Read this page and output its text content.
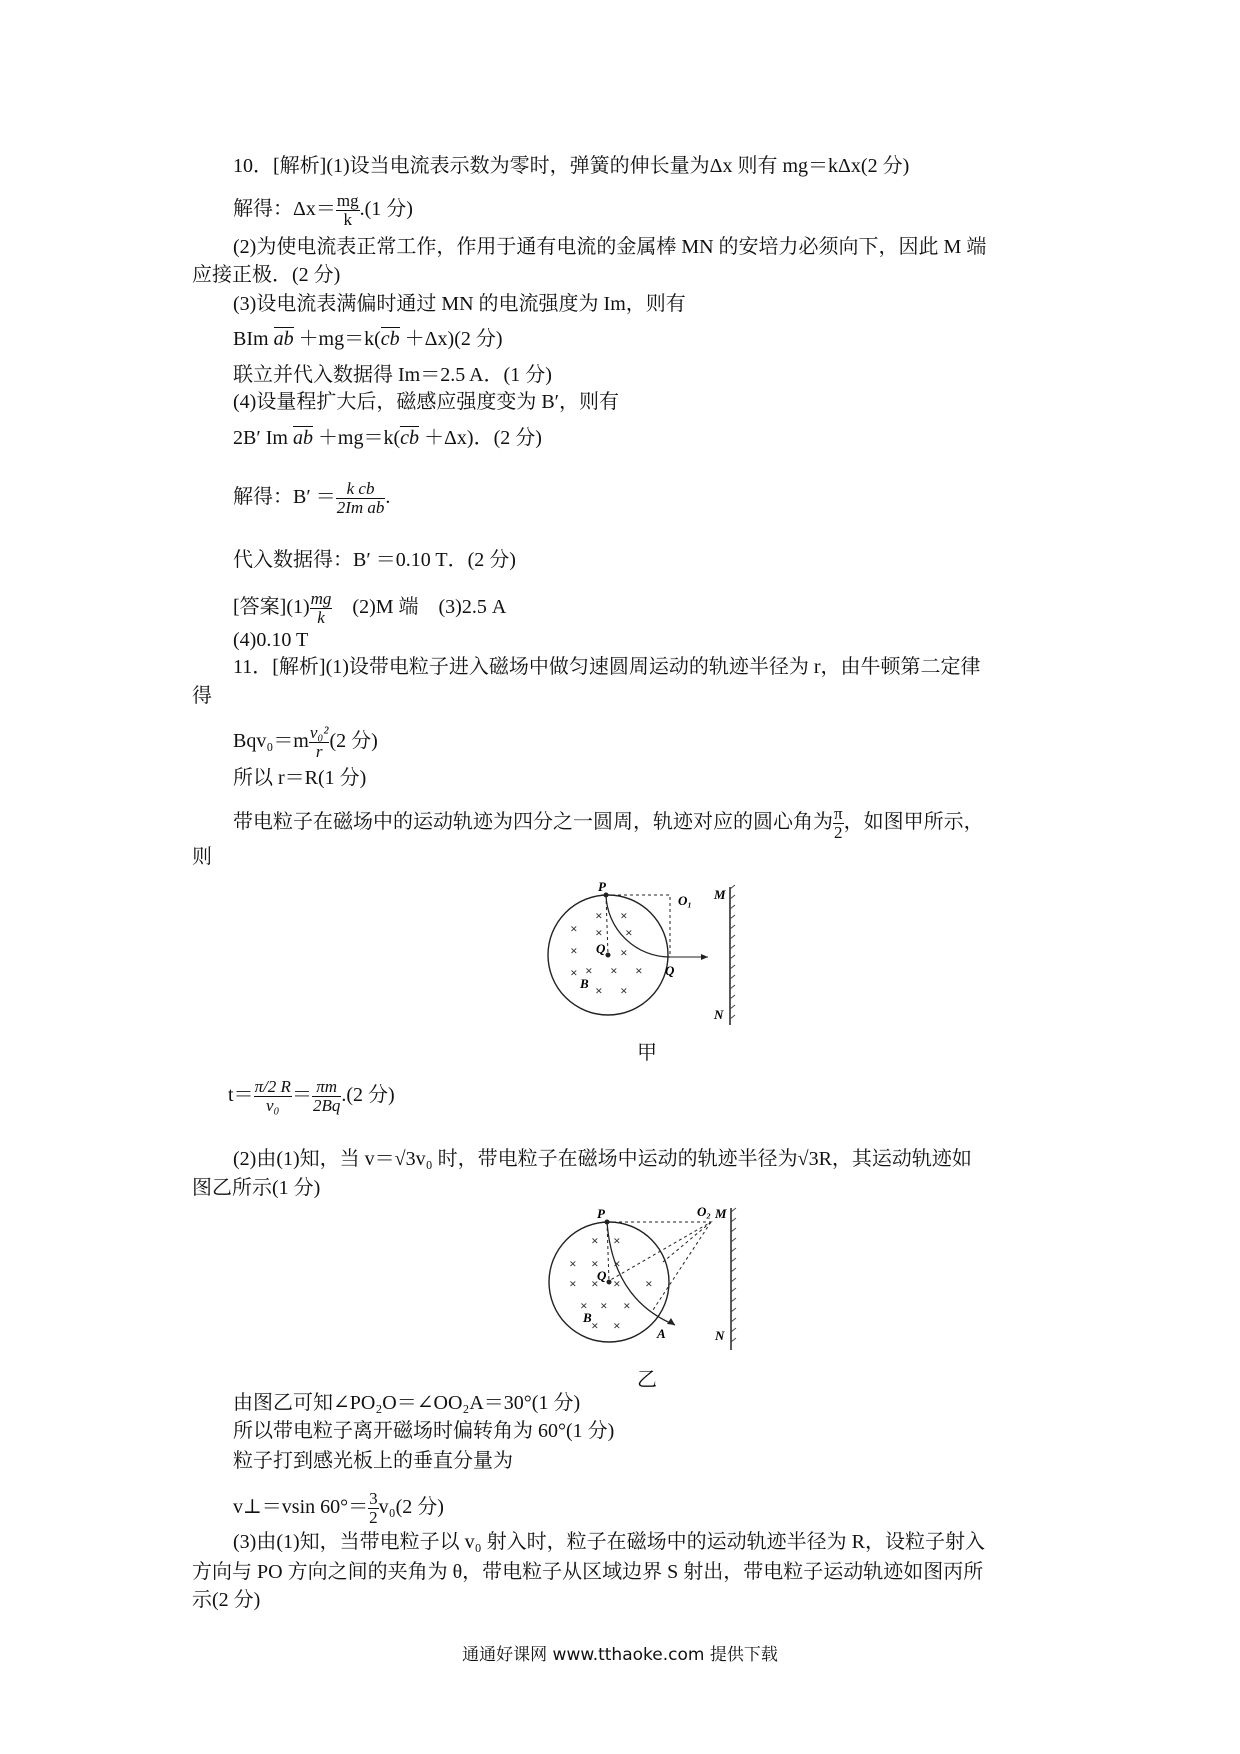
10．[解析](1)设当电流表示数为零时，弹簧的伸长量为Δx 则有 mg＝kΔx(2 分)
解得：$\Delta x= \frac{mg}{k} .(1$ 分)
(2)为使电流表正常工作，作用于通有电流的金属棒 MN 的安培力必须向下，因此 M 端
应接正极．(2 分)
(3)设电流表满偏时通过 MN 的电流强度为 Im，则有
BIm ab ＋mg＝k(cb ＋Δx)(2 分)
联立并代入数据得 Im＝2.5 A．(1 分)
(4)设量程扩大后，磁感应强度变为 B′，则有
2B′ Im ab ＋mg＝k(cb ＋Δx)．(2 分)
解得：$B' = \frac{\text{k cb}}{\text{2Im ab}}$ .
代入数据得：B′ ＝0.10 T．(2 分)
[答案]$(1) \frac{mg}{k}$ 　(2)M 端　(3)2.5 A
(4)0.10 T
11．[解析](1)设带电粒子进入磁场中做匀速圆周运动的轨迹半径为 r，由牛顿第二定律
得
$Bqv_0=m \frac{\text{v₀²}}{r} (2$ 分)
所以 r＝R(1 分)
带电粒子在磁场中的运动轨迹为四分之一圆周，轨迹对应的圆心角为 $\frac{\pi}{2}$ ，如图甲所示，
则
×
× ×
×
× ×
×
×
× × ×
× ×
P
O₁ M
Q
Q
B
N
甲
$t= \frac{\pi/2 R}{\text{v₀}} = \frac{\pi m}{2Bq} .(2$ 分)
(2)由(1)知，当 v＝√3v₀ 时，带电粒子在磁场中运动的轨迹半径为√3R，其运动轨迹如
图乙所示(1 分)
× ×
× × ×
× × × ×
× × ×
× ×
P	O₂ M
Q
B
A	N
乙
由图乙可知∠PO₂O＝∠OO₂A＝30°(1 分)
所以带电粒子离开磁场时偏转角为 60°(1 分)
粒子打到感光板上的垂直分量为
v⊥＝vsin $60^\circ= \frac{3}{2} v_0(2$ 分)
(3)由(1)知，当带电粒子以 v₀ 射入时，粒子在磁场中的运动轨迹半径为 R，设粒子射入
方向与 PO 方向之间的夹角为 θ，带电粒子从区域边界 S 射出，带电粒子运动轨迹如图丙所
示(2 分)
通通好课网 www.tthaoke.com 提供下载
